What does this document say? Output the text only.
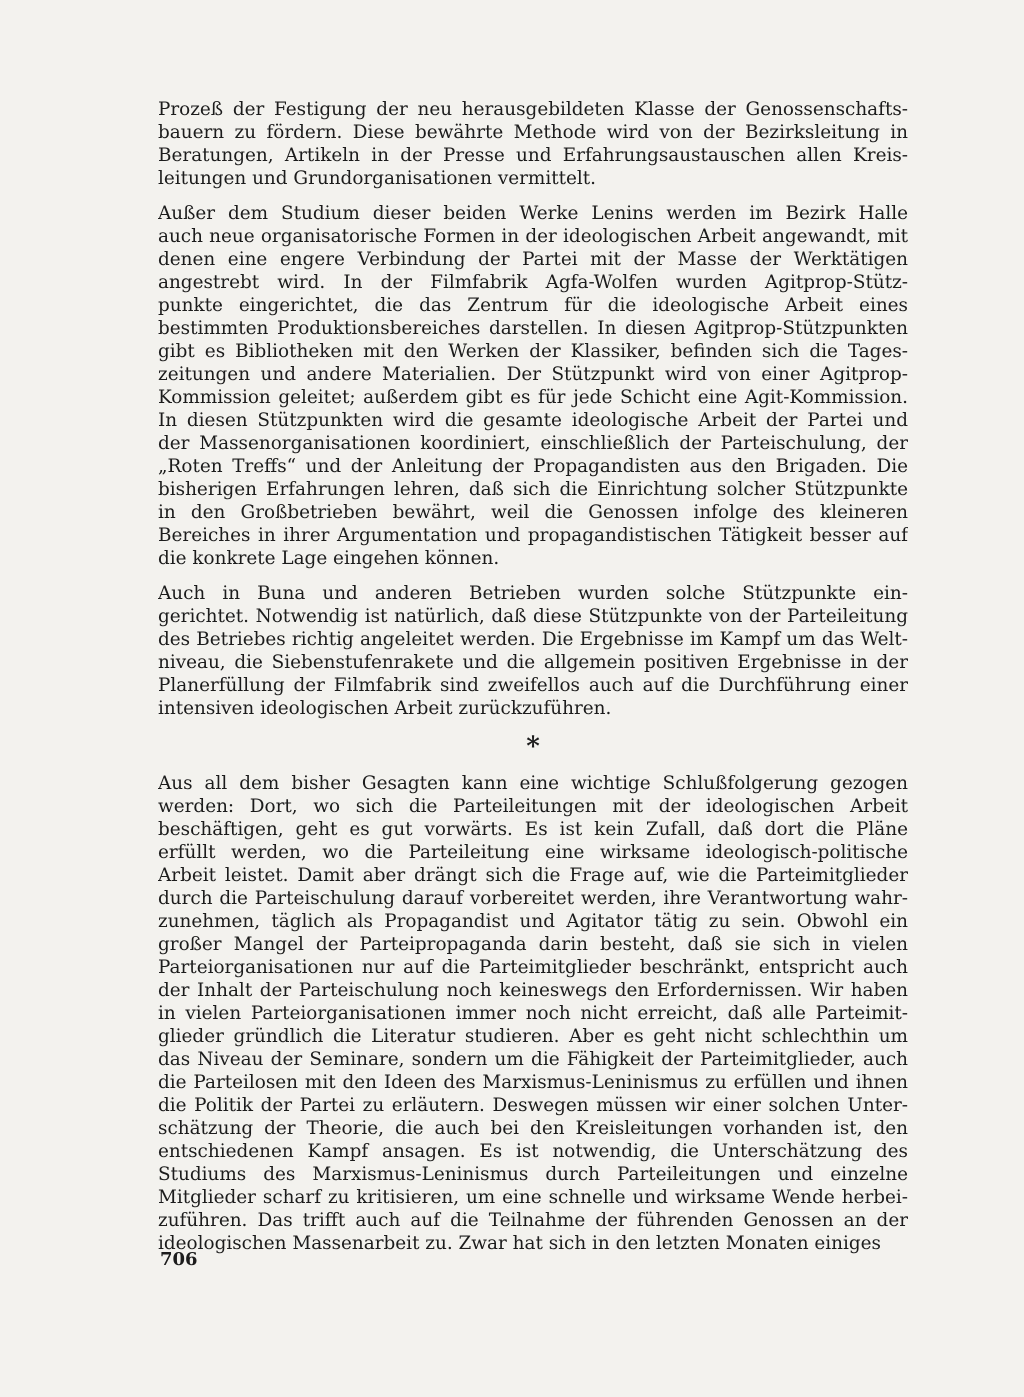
Prozeß der Festigung der neu herausgebildeten Klasse der Genossenschafts-
bauern zu fördern. Diese bewährte Methode wird von der Bezirksleitung in
Beratungen, Artikeln in der Presse und Erfahrungsaustauschen allen Kreis-
leitungen und Grundorganisationen vermittelt.
Außer dem Studium dieser beiden Werke Lenins werden im Bezirk Halle
auch neue organisatorische Formen in der ideologischen Arbeit angewandt, mit
denen eine engere Verbindung der Partei mit der Masse der Werktätigen
angestrebt wird. In der Filmfabrik Agfa-Wolfen wurden Agitprop-Stütz-
punkte eingerichtet, die das Zentrum für die ideologische Arbeit eines
bestimmten Produktionsbereiches darstellen. In diesen Agitprop-Stützpunkten
gibt es Bibliotheken mit den Werken der Klassiker, befinden sich die Tages-
zeitungen und andere Materialien. Der Stützpunkt wird von einer Agitprop-
Kommission geleitet; außerdem gibt es für jede Schicht eine Agit-Kommission.
In diesen Stützpunkten wird die gesamte ideologische Arbeit der Partei und
der Massenorganisationen koordiniert, einschließlich der Parteischulung, der
„Roten Treffs“ und der Anleitung der Propagandisten aus den Brigaden. Die
bisherigen Erfahrungen lehren, daß sich die Einrichtung solcher Stützpunkte
in den Großbetrieben bewährt, weil die Genossen infolge des kleineren
Bereiches in ihrer Argumentation und propagandistischen Tätigkeit besser auf
die konkrete Lage eingehen können.
Auch in Buna und anderen Betrieben wurden solche Stützpunkte ein-
gerichtet. Notwendig ist natürlich, daß diese Stützpunkte von der Parteileitung
des Betriebes richtig angeleitet werden. Die Ergebnisse im Kampf um das Welt-
niveau, die Siebenstufenrakete und die allgemein positiven Ergebnisse in der
Planerfüllung der Filmfabrik sind zweifellos auch auf die Durchführung einer
intensiven ideologischen Arbeit zurückzuführen.
*
Aus all dem bisher Gesagten kann eine wichtige Schlußfolgerung gezogen
werden: Dort, wo sich die Parteileitungen mit der ideologischen Arbeit
beschäftigen, geht es gut vorwärts. Es ist kein Zufall, daß dort die Pläne
erfüllt werden, wo die Parteileitung eine wirksame ideologisch-politische
Arbeit leistet. Damit aber drängt sich die Frage auf, wie die Parteimitglieder
durch die Parteischulung darauf vorbereitet werden, ihre Verantwortung wahr-
zunehmen, täglich als Propagandist und Agitator tätig zu sein. Obwohl ein
großer Mangel der Parteipropaganda darin besteht, daß sie sich in vielen
Parteiorganisationen nur auf die Parteimitglieder beschränkt, entspricht auch
der Inhalt der Parteischulung noch keineswegs den Erfordernissen. Wir haben
in vielen Parteiorganisationen immer noch nicht erreicht, daß alle Parteimit-
glieder gründlich die Literatur studieren. Aber es geht nicht schlechthin um
das Niveau der Seminare, sondern um die Fähigkeit der Parteimitglieder, auch
die Parteilosen mit den Ideen des Marxismus-Leninismus zu erfüllen und ihnen
die Politik der Partei zu erläutern. Deswegen müssen wir einer solchen Unter-
schätzung der Theorie, die auch bei den Kreisleitungen vorhanden ist, den
entschiedenen Kampf ansagen. Es ist notwendig, die Unterschätzung des
Studiums des Marxismus-Leninismus durch Parteileitungen und einzelne
Mitglieder scharf zu kritisieren, um eine schnelle und wirksame Wende herbei-
zuführen. Das trifft auch auf die Teilnahme der führenden Genossen an der
ideologischen Massenarbeit zu. Zwar hat sich in den letzten Monaten einiges
706
